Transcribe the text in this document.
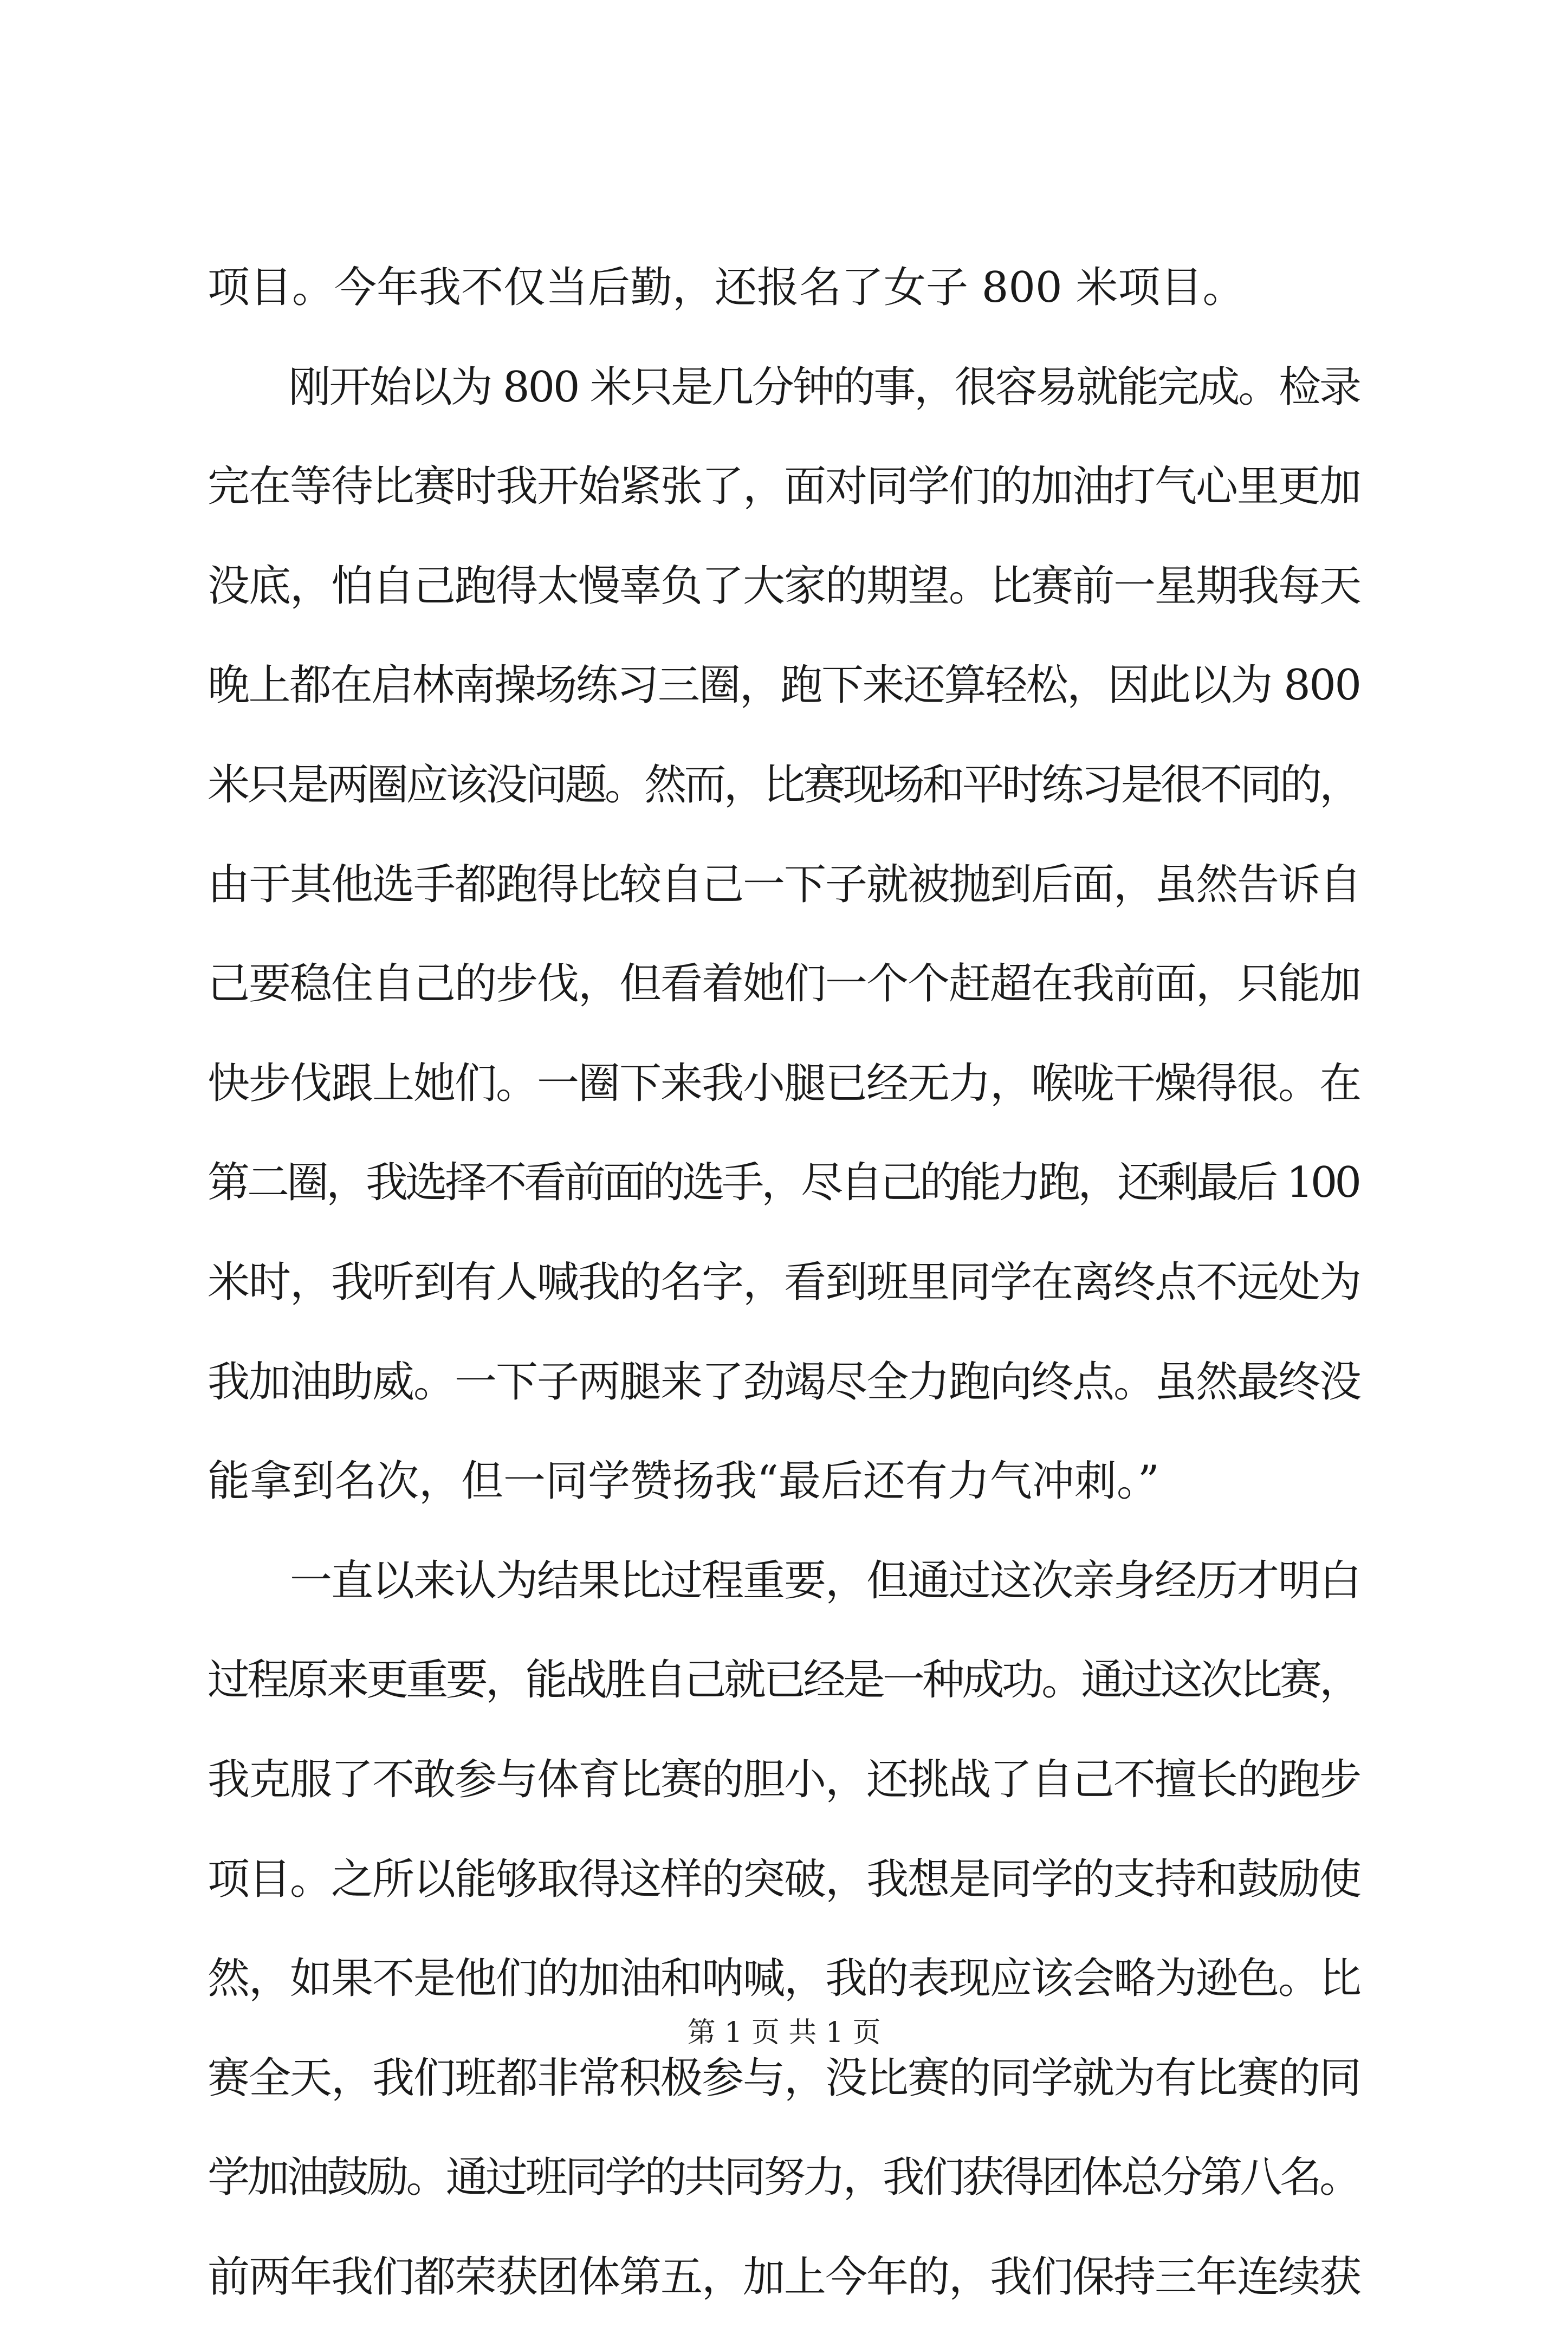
项目。今年我不仅当后勤，还报名了女子 800 米项目。
　　刚开始以为 800 米只是几分钟的事，很容易就能完成。检录
完在等待比赛时我开始紧张了，面对同学们的加油打气心里更加
没底，怕自己跑得太慢辜负了大家的期望。比赛前一星期我每天
晚上都在启林南操场练习三圈，跑下来还算轻松，因此以为 800
米只是两圈应该没问题。然而，比赛现场和平时练习是很不同的，
由于其他选手都跑得比较自己一下子就被抛到后面，虽然告诉自
己要稳住自己的步伐，但看着她们一个个赶超在我前面，只能加
快步伐跟上她们。一圈下来我小腿已经无力，喉咙干燥得很。在
第二圈，我选择不看前面的选手，尽自己的能力跑，还剩最后 100
米时，我听到有人喊我的名字，看到班里同学在离终点不远处为
我加油助威。一下子两腿来了劲竭尽全力跑向终点。虽然最终没
能拿到名次，但一同学赞扬我“最后还有力气冲刺。”
　　一直以来认为结果比过程重要，但通过这次亲身经历才明白
过程原来更重要，能战胜自己就已经是一种成功。通过这次比赛，
我克服了不敢参与体育比赛的胆小，还挑战了自己不擅长的跑步
项目。之所以能够取得这样的突破，我想是同学的支持和鼓励使
然，如果不是他们的加油和呐喊，我的表现应该会略为逊色。比
赛全天，我们班都非常积极参与，没比赛的同学就为有比赛的同
学加油鼓励。通过班同学的共同努力，我们获得团体总分第八名。
前两年我们都荣获团体第五，加上今年的，我们保持三年连续获
第 1 页 共 1 页
